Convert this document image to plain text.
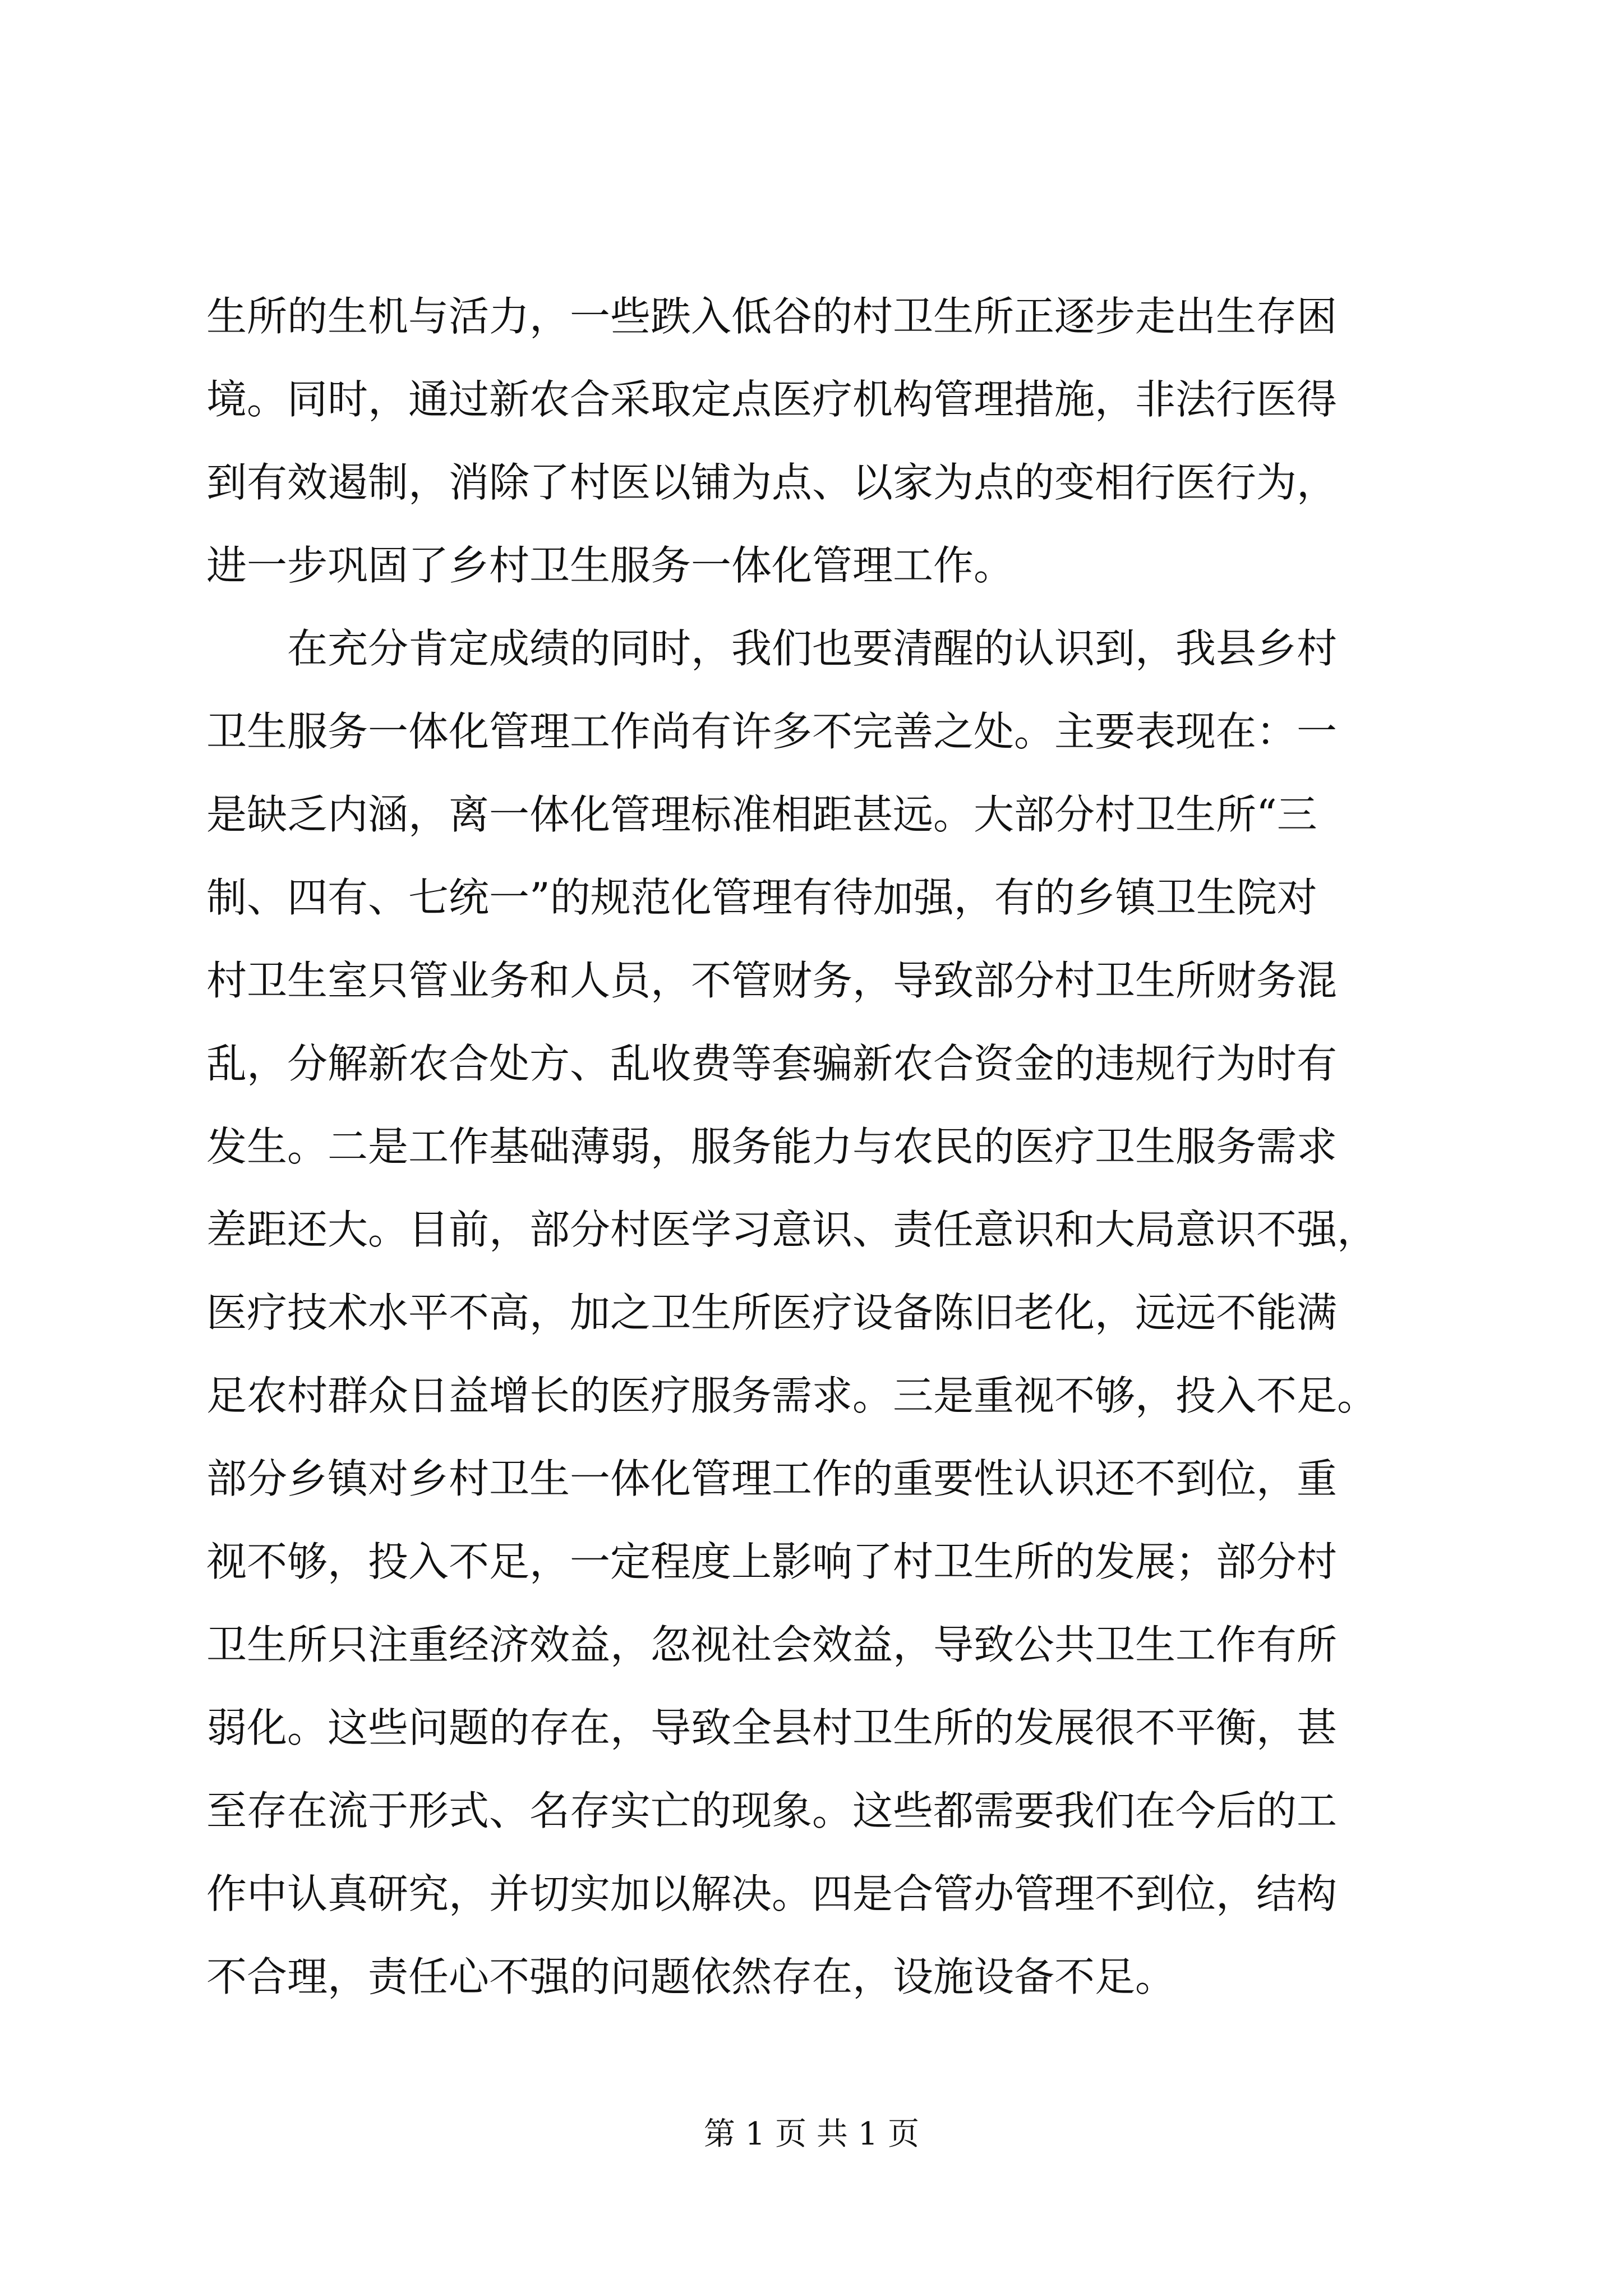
生所的生机与活力，一些跌入低谷的村卫生所正逐步走出生存困
境。同时，通过新农合采取定点医疗机构管理措施，非法行医得
到有效遏制，消除了村医以铺为点、以家为点的变相行医行为，
进一步巩固了乡村卫生服务一体化管理工作。
在充分肯定成绩的同时，我们也要清醒的认识到，我县乡村
卫生服务一体化管理工作尚有许多不完善之处。主要表现在：一
是缺乏内涵，离一体化管理标准相距甚远。大部分村卫生所“三
制、四有、七统一”的规范化管理有待加强，有的乡镇卫生院对
村卫生室只管业务和人员，不管财务，导致部分村卫生所财务混
乱，分解新农合处方、乱收费等套骗新农合资金的违规行为时有
发生。二是工作基础薄弱，服务能力与农民的医疗卫生服务需求
差距还大。目前，部分村医学习意识、责任意识和大局意识不强，
医疗技术水平不高，加之卫生所医疗设备陈旧老化，远远不能满
足农村群众日益增长的医疗服务需求。三是重视不够，投入不足。
部分乡镇对乡村卫生一体化管理工作的重要性认识还不到位，重
视不够，投入不足，一定程度上影响了村卫生所的发展；部分村
卫生所只注重经济效益，忽视社会效益，导致公共卫生工作有所
弱化。这些问题的存在，导致全县村卫生所的发展很不平衡，甚
至存在流于形式、名存实亡的现象。这些都需要我们在今后的工
作中认真研究，并切实加以解决。四是合管办管理不到位，结构
不合理，责任心不强的问题依然存在，设施设备不足。
第 1 页 共 1 页
